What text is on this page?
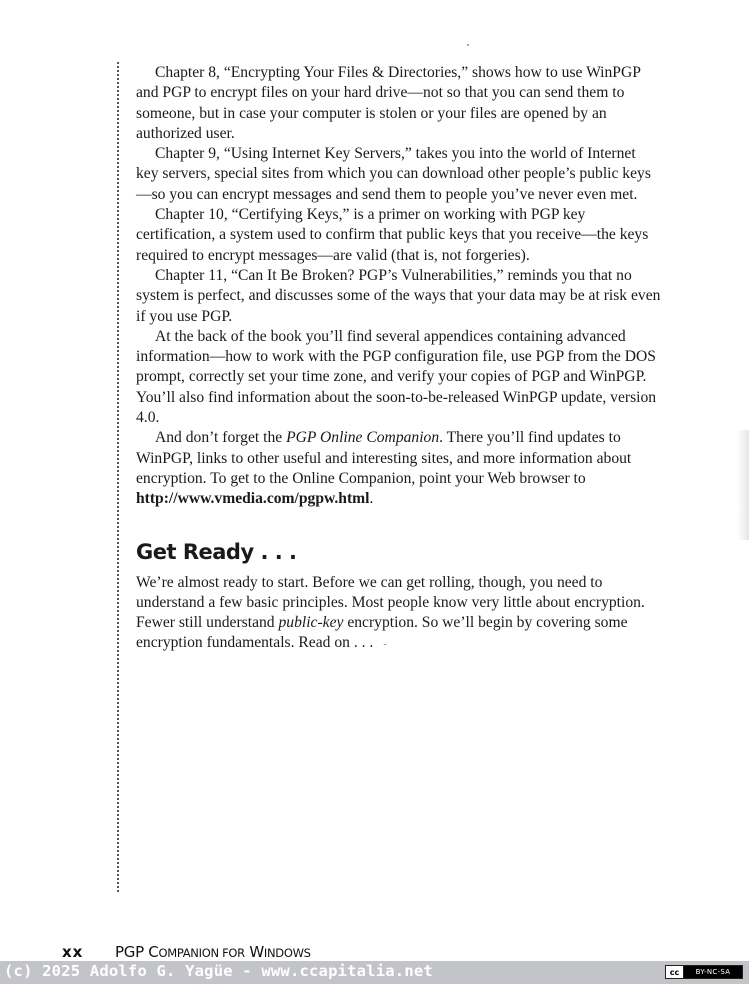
Chapter 8, “Encrypting Your Files & Directories,” shows how to use WinPGP and PGP to encrypt files on your hard drive—not so that you can send them to someone, but in case your computer is stolen or your files are opened by an authorized user.

Chapter 9, “Using Internet Key Servers,” takes you into the world of Internet key servers, special sites from which you can download other people’s public keys—so you can encrypt messages and send them to people you’ve never even met.

Chapter 10, “Certifying Keys,” is a primer on working with PGP key certification, a system used to confirm that public keys that you receive—the keys required to encrypt messages—are valid (that is, not forgeries).

Chapter 11, “Can It Be Broken? PGP’s Vulnerabilities,” reminds you that no system is perfect, and discusses some of the ways that your data may be at risk even if you use PGP.

At the back of the book you’ll find several appendices containing advanced information—how to work with the PGP configuration file, use PGP from the DOS prompt, correctly set your time zone, and verify your copies of PGP and WinPGP. You’ll also find information about the soon-to-be-released WinPGP update, version 4.0.

And don’t forget the PGP Online Companion. There you’ll find updates to WinPGP, links to other useful and interesting sites, and more information about encryption. To get to the Online Companion, point your Web browser to http://www.vmedia.com/pgpw.html.

Get Ready . . .

We’re almost ready to start. Before we can get rolling, though, you need to understand a few basic principles. Most people know very little about encryption. Fewer still understand public-key encryption. So we’ll begin by covering some encryption fundamentals. Read on . . . -

xx	PGP COMPANION FOR WINDOWS
(c) 2025 Adolfo G. Yagüe - www.ccapitalia.net	cc	BY-NC-SA
